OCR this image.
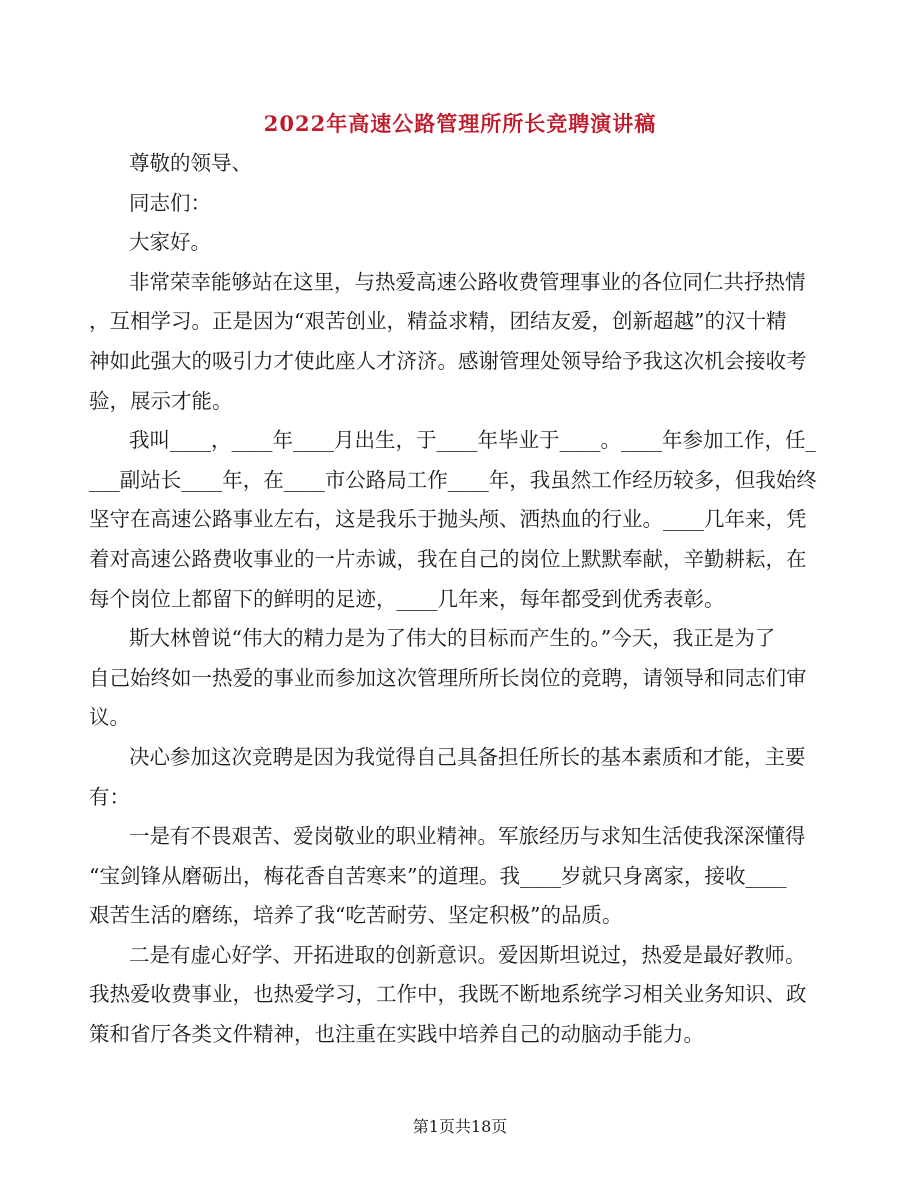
2022年高速公路管理所所长竞聘演讲稿
尊敬的领导、
同志们：
大家好。
非常荣幸能够站在这里，与热爱高速公路收费管理事业的各位同仁共抒热情
，互相学习。正是因为“艰苦创业，精益求精，团结友爱，创新超越”的汉十精
神如此强大的吸引力才使此座人才济济。感谢管理处领导给予我这次机会接收考
验，展示才能。
我叫____，____年____月出生，于____年毕业于____。____年参加工作，任_
___副站长____年，在____市公路局工作____年，我虽然工作经历较多，但我始终
坚守在高速公路事业左右，这是我乐于抛头颅、洒热血的行业。____几年来，凭
着对高速公路费收事业的一片赤诚，我在自己的岗位上默默奉献，辛勤耕耘，在
每个岗位上都留下的鲜明的足迹，____几年来，每年都受到优秀表彰。
斯大林曾说“伟大的精力是为了伟大的目标而产生的。”今天，我正是为了
自己始终如一热爱的事业而参加这次管理所所长岗位的竞聘，请领导和同志们审
议。
决心参加这次竞聘是因为我觉得自己具备担任所长的基本素质和才能，主要
有：
一是有不畏艰苦、爱岗敬业的职业精神。军旅经历与求知生活使我深深懂得
“宝剑锋从磨砺出，梅花香自苦寒来”的道理。我____岁就只身离家，接收____
艰苦生活的磨练，培养了我“吃苦耐劳、坚定积极”的品质。
二是有虚心好学、开拓进取的创新意识。爱因斯坦说过，热爱是最好教师。
我热爱收费事业，也热爱学习，工作中，我既不断地系统学习相关业务知识、政
策和省厅各类文件精神，也注重在实践中培养自己的动脑动手能力。
第1页共18页
